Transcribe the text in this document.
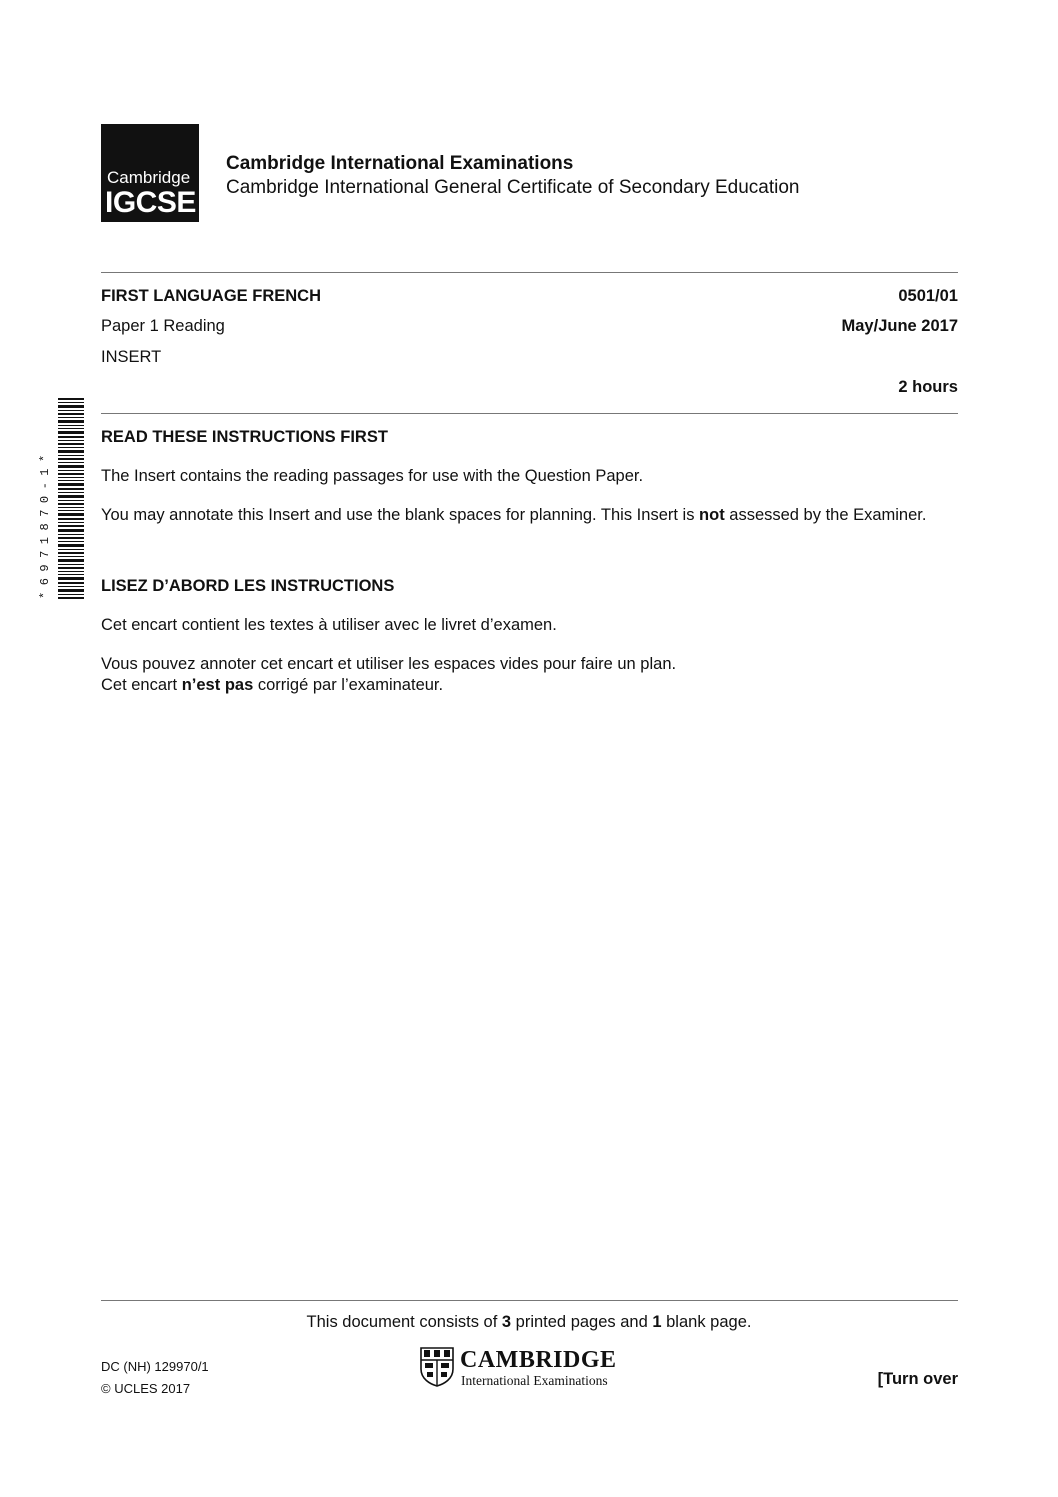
Cambridge
IGCSE
Cambridge International Examinations
Cambridge International General Certificate of Secondary Education
FIRST LANGUAGE FRENCH	0501/01
Paper 1 Reading	May/June 2017
INSERT
2 hours
*6971870-1*
READ THESE INSTRUCTIONS FIRST
The Insert contains the reading passages for use with the Question Paper.
You may annotate this Insert and use the blank spaces for planning. This Insert is not assessed by the Examiner.
LISEZ D’ABORD LES INSTRUCTIONS
Cet encart contient les textes à utiliser avec le livret d’examen.
Vous pouvez annoter cet encart et utiliser les espaces vides pour faire un plan.
Cet encart n’est pas corrigé par l’examinateur.
This document consists of 3 printed pages and 1 blank page.
DC (NH) 129970/1
© UCLES 2017
CAMBRIDGE
International Examinations	[Turn over
